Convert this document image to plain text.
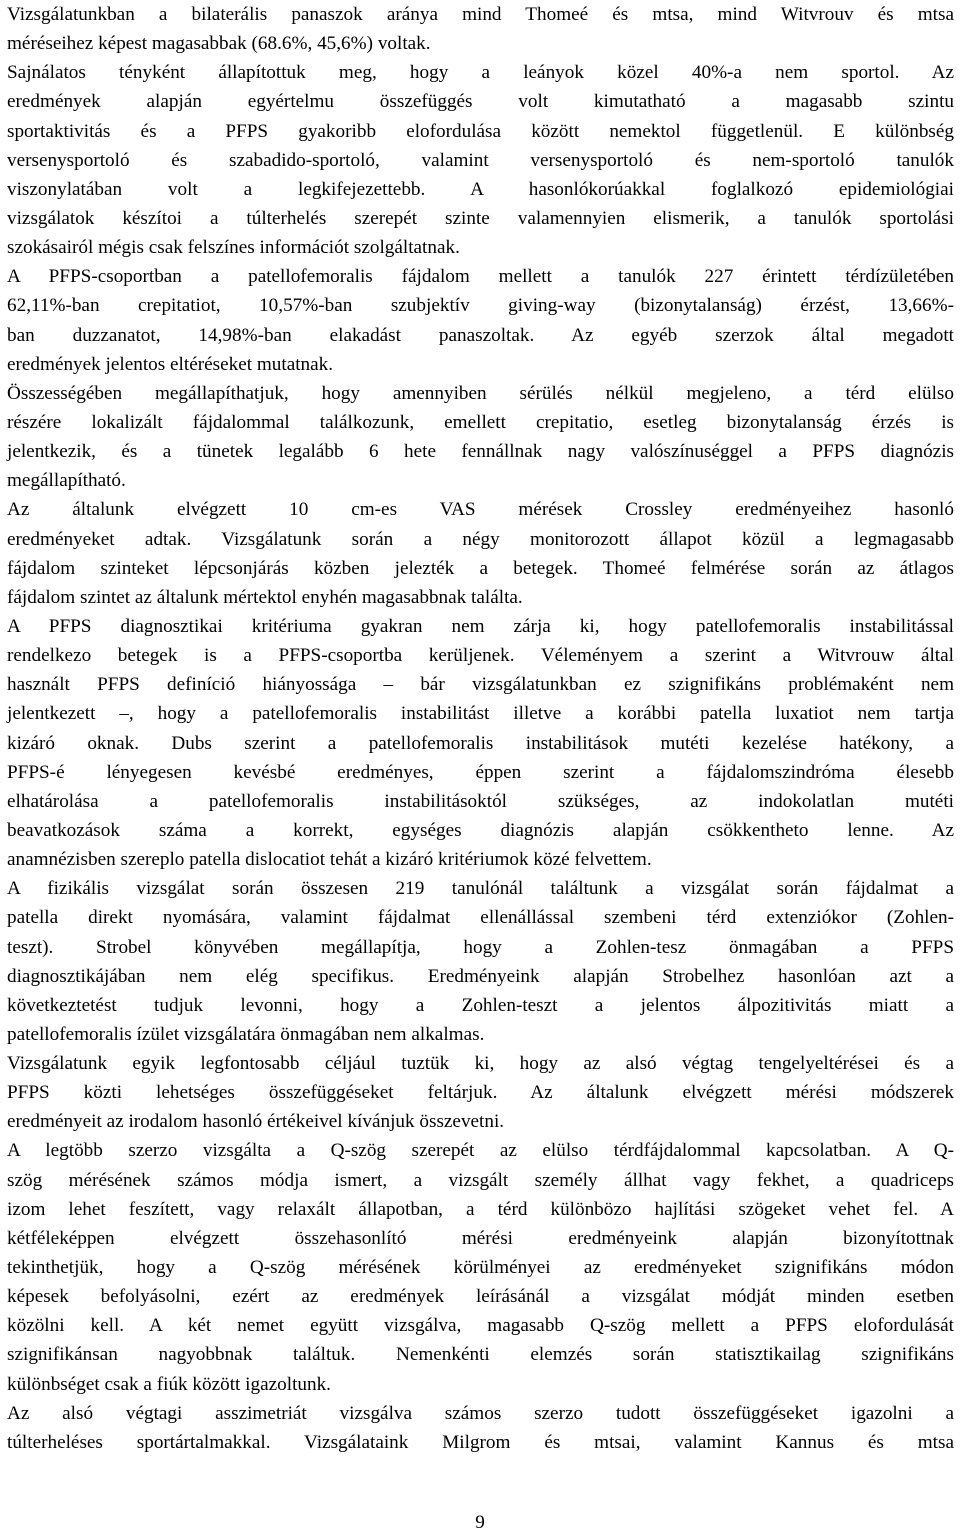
Vizsgálatunkban a bilaterális panaszok aránya mind Thomeé és mtsa, mind Witvrouv és mtsa
méréseihez képest magasabbak (68.6%, 45,6%) voltak.
Sajnálatos tényként állapítottuk meg, hogy a leányok közel 40%-a nem sportol. Az
eredmények alapján egyértelmu összefüggés volt kimutatható a magasabb szintu
sportaktivitás és a PFPS gyakoribb elofordulása között nemektol függetlenül. E különbség
versenysportoló és szabadido-sportoló, valamint versenysportoló és nem-sportoló tanulók
viszonylatában volt a legkifejezettebb. A hasonlókorúakkal foglalkozó epidemiológiai
vizsgálatok készítoi a túlterhelés szerepét szinte valamennyien elismerik, a tanulók sportolási
szokásairól mégis csak felszínes információt szolgáltatnak.
A PFPS-csoportban a patellofemoralis fájdalom mellett a tanulók 227 érintett térdízületében
62,11%-ban crepitatiot, 10,57%-ban szubjektív giving-way (bizonytalanság) érzést, 13,66%-
ban duzzanatot, 14,98%-ban elakadást panaszoltak. Az egyéb szerzok által megadott
eredmények jelentos eltéréseket mutatnak.
Összességében megállapíthatjuk, hogy amennyiben sérülés nélkül megjeleno, a térd elülso
részére lokalizált fájdalommal találkozunk, emellett crepitatio, esetleg bizonytalanság érzés is
jelentkezik, és a tünetek legalább 6 hete fennállnak nagy valószínuséggel a PFPS diagnózis
megállapítható.
Az általunk elvégzett 10 cm-es VAS mérések Crossley eredményeihez hasonló
eredményeket adtak. Vizsgálatunk során a négy monitorozott állapot közül a legmagasabb
fájdalom szinteket lépcsonjárás közben jelezték a betegek. Thomeé felmérése során az átlagos
fájdalom szintet az általunk mértektol enyhén magasabbnak találta.
A PFPS diagnosztikai kritériuma gyakran nem zárja ki, hogy patellofemoralis instabilitással
rendelkezo betegek is a PFPS-csoportba kerüljenek. Véleményem a szerint a Witvrouw által
használt PFPS definíció hiányossága – bár vizsgálatunkban ez szignifikáns problémaként nem
jelentkezett –, hogy a patellofemoralis instabilitást illetve a korábbi patella luxatiot nem tartja
kizáró oknak. Dubs szerint a patellofemoralis instabilitások mutéti kezelése hatékony, a
PFPS-é lényegesen kevésbé eredményes, éppen szerint a fájdalomszindróma élesebb
elhatárolása a patellofemoralis instabilitásoktól szükséges, az indokolatlan mutéti
beavatkozások száma a korrekt, egységes diagnózis alapján csökkentheto lenne. Az
anamnézisben szereplo patella dislocatiot tehát a kizáró kritériumok közé felvettem.
A fizikális vizsgálat során összesen 219 tanulónál találtunk a vizsgálat során fájdalmat a
patella direkt nyomására, valamint fájdalmat ellenállással szembeni térd extenziókor (Zohlen-
teszt). Strobel könyvében megállapítja, hogy a Zohlen-tesz önmagában a PFPS
diagnosztikájában nem elég specifikus. Eredményeink alapján Strobelhez hasonlóan azt a
következtetést tudjuk levonni, hogy a Zohlen-teszt a jelentos álpozitivitás miatt a
patellofemoralis ízület vizsgálatára önmagában nem alkalmas.
Vizsgálatunk egyik legfontosabb céljául tuztük ki, hogy az alsó végtag tengelyeltérései és a
PFPS közti lehetséges összefüggéseket feltárjuk. Az általunk elvégzett mérési módszerek
eredményeit az irodalom hasonló értékeivel kívánjuk összevetni.
A legtöbb szerzo vizsgálta a Q-szög szerepét az elülso térdfájdalommal kapcsolatban. A Q-
szög mérésének számos módja ismert, a vizsgált személy állhat vagy fekhet, a quadriceps
izom lehet feszített, vagy relaxált állapotban, a térd különbözo hajlítási szögeket vehet fel. A
kétféleképpen elvégzett összehasonlító mérési eredményeink alapján bizonyítottnak
tekinthetjük, hogy a Q-szög mérésének körülményei az eredményeket szignifikáns módon
képesek befolyásolni, ezért az eredmények leírásánál a vizsgálat módját minden esetben
közölni kell. A két nemet együtt vizsgálva, magasabb Q-szög mellett a PFPS elofordulását
szignifikánsan nagyobbnak találtuk. Nemenkénti elemzés során statisztikailag szignifikáns
különbséget csak a fiúk között igazoltunk.
Az alsó végtagi asszimetriát vizsgálva számos szerzo tudott összefüggéseket igazolni a
túlterheléses sportártalmakkal. Vizsgálataink Milgrom és mtsai, valamint Kannus és mtsa
9
